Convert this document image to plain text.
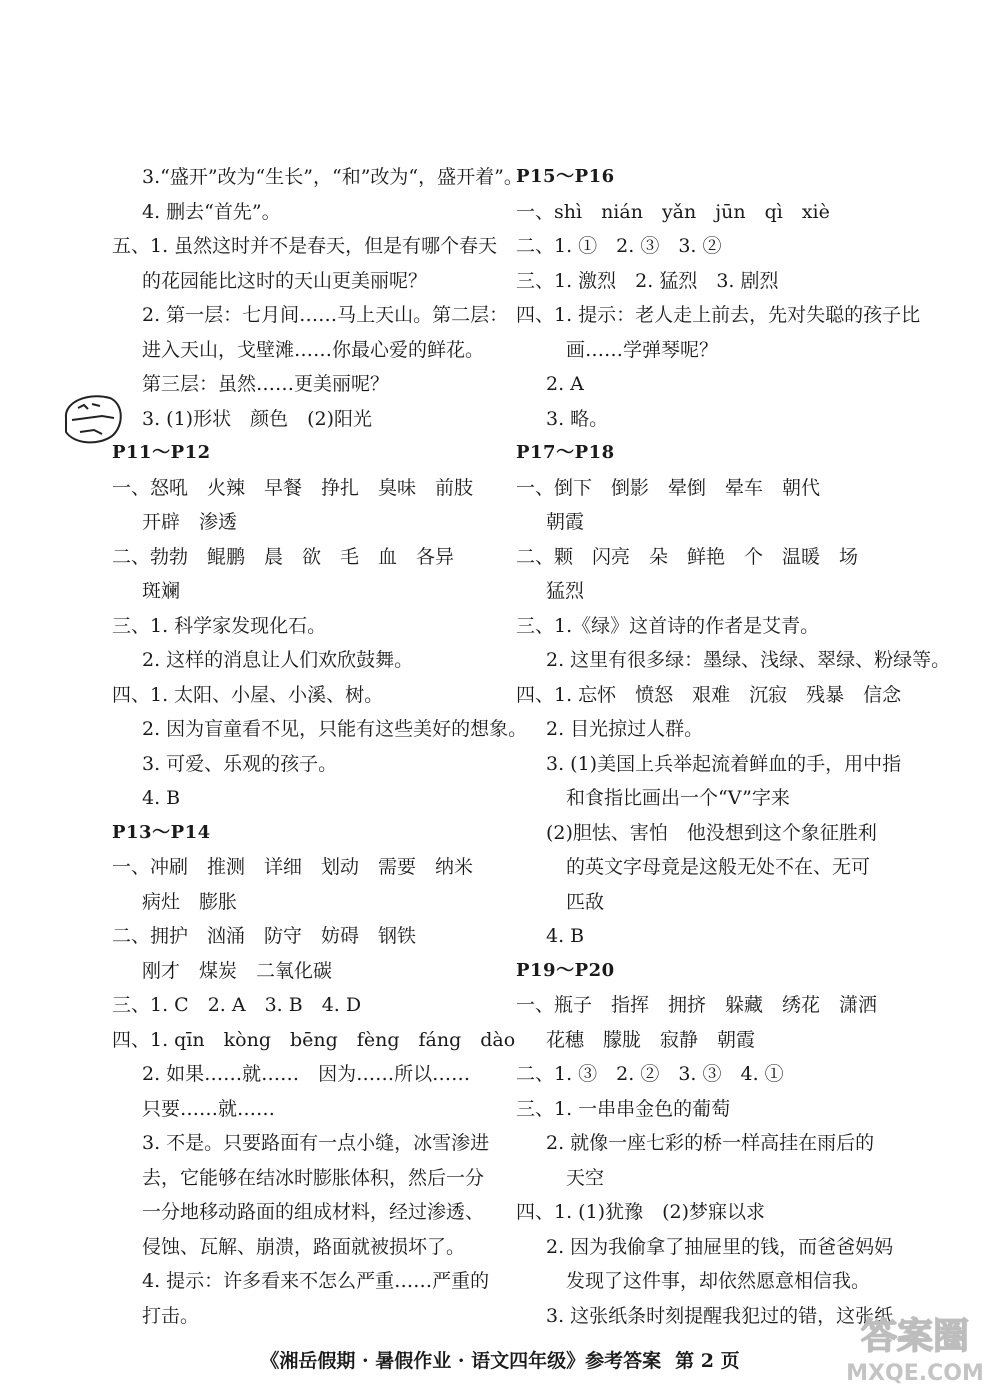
3.“盛开”改为“生长”，“和”改为“，盛开着”。
4. 删去“首先”。
五、1. 虽然这时并不是春天，但是有哪个春天
的花园能比这时的天山更美丽呢？
2. 第一层：七月间……马上天山。第二层：
进入天山，戈壁滩……你最心爱的鲜花。
第三层：虽然……更美丽呢？
3. (1)形状　颜色　(2)阳光
P11～P12
一、怒吼　火辣　早餐　挣扎　臭味　前肢
开辟　渗透
二、勃勃　鲲鹏　晨　欲　毛　血　各异
斑斓
三、1. 科学家发现化石。
2. 这样的消息让人们欢欣鼓舞。
四、1. 太阳、小屋、小溪、树。
2. 因为盲童看不见，只能有这些美好的想象。
3. 可爱、乐观的孩子。
4. B
P13～P14
一、冲刷　推测　详细　划动　需要　纳米
病灶　膨胀
二、拥护　汹涌　防守　妨碍　钢铁
刚才　煤炭　二氧化碳
三、1. C　2. A　3. B　4. D
四、1. qīn　kòng　bēng　fèng　fáng　dào
2. 如果……就……　因为……所以……
只要……就……
3. 不是。只要路面有一点小缝，冰雪渗进
去，它能够在结冰时膨胀体积，然后一分
一分地移动路面的组成材料，经过渗透、
侵蚀、瓦解、崩溃，路面就被损坏了。
4. 提示：许多看来不怎么严重……严重的
打击。
P15～P16
一、shì　nián　yǎn　jūn　qì　xiè
二、1. ①　2. ③　3. ②
三、1. 激烈　2. 猛烈　3. 剧烈
四、1. 提示：老人走上前去，先对失聪的孩子比
画……学弹琴呢？
2. A
3. 略。
P17～P18
一、倒下　倒影　晕倒　晕车　朝代
朝霞
二、颗　闪亮　朵　鲜艳　个　温暖　场
猛烈
三、1.《绿》这首诗的作者是艾青。
2. 这里有很多绿：墨绿、浅绿、翠绿、粉绿等。
四、1. 忘怀　愤怒　艰难　沉寂　残暴　信念
2. 目光掠过人群。
3. (1)美国上兵举起流着鲜血的手，用中指
和食指比画出一个“V”字来
(2)胆怯、害怕　他没想到这个象征胜利
的英文字母竟是这般无处不在、无可
匹敌
4. B
P19～P20
一、瓶子　指挥　拥挤　躲藏　绣花　潇洒
花穗　朦胧　寂静　朝霞
二、1. ③　2. ②　3. ③　4. ①
三、1. 一串串金色的葡萄
2. 就像一座七彩的桥一样高挂在雨后的
天空
四、1. (1)犹豫　(2)梦寐以求
2. 因为我偷拿了抽屉里的钱，而爸爸妈妈
发现了这件事，却依然愿意相信我。
3. 这张纸条时刻提醒我犯过的错，这张纸
《湘岳假期 · 暑假作业 · 语文四年级》参考答案 第 2 页
答案圈
MXQE.COM
